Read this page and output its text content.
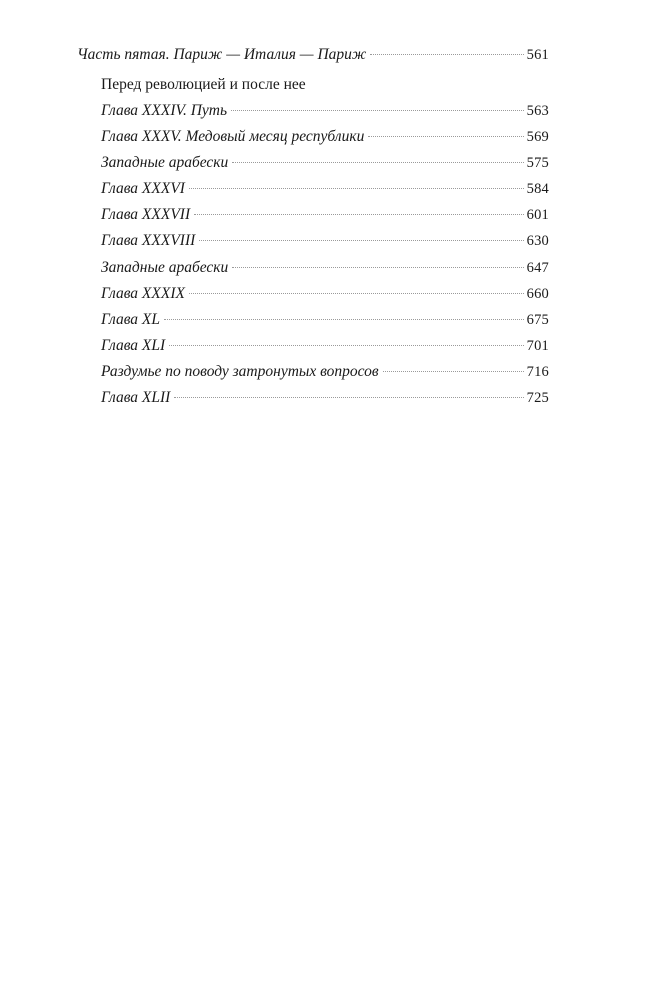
Часть пятая. Париж — Италия — Париж	561
Перед революцией и после нее
Глава XXXIV. Путь	563
Глава XXXV. Медовый месяц республики	569
Западные арабески	575
Глава XXXVI	584
Глава XXXVII	601
Глава XXXVIII	630
Западные арабески	647
Глава XXXIX	660
Глава XL	675
Глава XLI	701
Раздумье по поводу затронутых вопросов	716
Глава XLII	725
